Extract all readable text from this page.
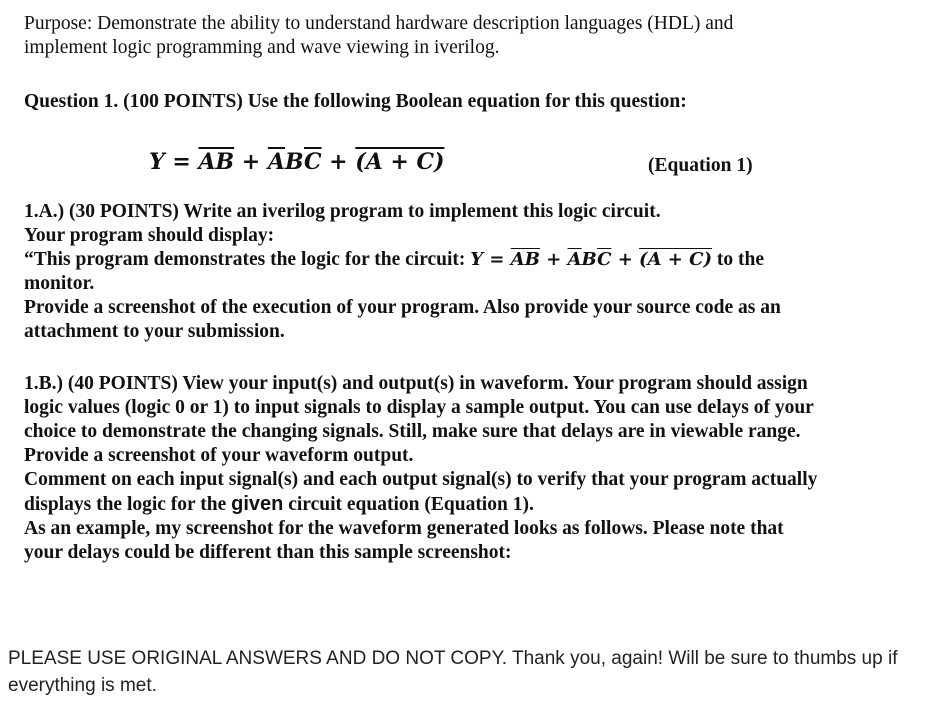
Purpose: Demonstrate the ability to understand hardware description languages (HDL) and
implement logic programming and wave viewing in iverilog.
Question 1. (100 POINTS) Use the following Boolean equation for this question:
$Y = \overline{AB} + \overline{A}B\overline{C} + (A + C)$	(Equation 1)
1.A.) (30 POINTS) Write an iverilog program to implement this logic circuit.
Your program should display:
“This program demonstrates the logic for the circuit: $Y = \overline{AB} + \overline{A}B\overline{C} + (A + C)$ to the
monitor.
Provide a screenshot of the execution of your program. Also provide your source code as an
attachment to your submission.
1.B.) (40 POINTS) View your input(s) and output(s) in waveform. Your program should assign
logic values (logic 0 or 1) to input signals to display a sample output. You can use delays of your
choice to demonstrate the changing signals. Still, make sure that delays are in viewable range.
Provide a screenshot of your waveform output.
Comment on each input signal(s) and each output signal(s) to verify that your program actually
displays the logic for the given circuit equation (Equation 1).
As an example, my screenshot for the waveform generated looks as follows. Please note that
your delays could be different than this sample screenshot:
PLEASE USE ORIGINAL ANSWERS AND DO NOT COPY. Thank you, again! Will be sure to thumbs up if
everything is met.
